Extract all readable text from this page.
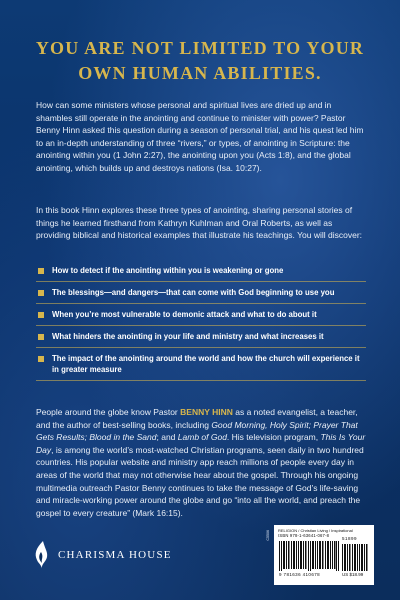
YOU ARE NOT LIMITED TO YOUR
OWN HUMAN ABILITIES.

How can some ministers whose personal and spiritual lives are dried up and in shambles still operate in the anointing and continue to minister with power? Pastor Benny Hinn asked this question during a season of personal trial, and his quest led him to an in-depth understanding of three “rivers,” or types, of anointing in Scripture: the anointing within you (1 John 2:27), the anointing upon you (Acts 1:8), and the global anointing, which builds up and destroys nations (Isa. 10:27).

In this book Hinn explores these three types of anointing, sharing personal stories of things he learned firsthand from Kathryn Kuhlman and Oral Roberts, as well as providing biblical and historical examples that illustrate his teachings. You will discover:

How to detect if the anointing within you is weakening or gone
The blessings—and dangers—that can come with God beginning to use you
When you’re most vulnerable to demonic attack and what to do about it
What hinders the anointing in your life and ministry and what increases it
The impact of the anointing around the world and how the church will experience it in greater measure

People around the globe know Pastor BENNY HINN as a noted evangelist, a teacher, and the author of best-selling books, including Good Morning, Holy Spirit; Prayer That Gets Results; Blood in the Sand; and Lamb of God. His television program, This Is Your Day, is among the world’s most-watched Christian programs, seen daily in two hundred countries. His popular website and ministry app reach millions of people every day in areas of the world that may not otherwise hear about the gospel. Through his ongoing multimedia outreach Pastor Benny continues to take the message of God’s life-saving and miracle-working power around the globe and go “into all the world, and preach the gospel to every creature” (Mark 16:15).

CHARISMA HOUSE
C5506 RELIGION / Christian Living / Inspirational
ISBN 978-1-63641-067-8
51899
9 781636 410678	US $18.99
